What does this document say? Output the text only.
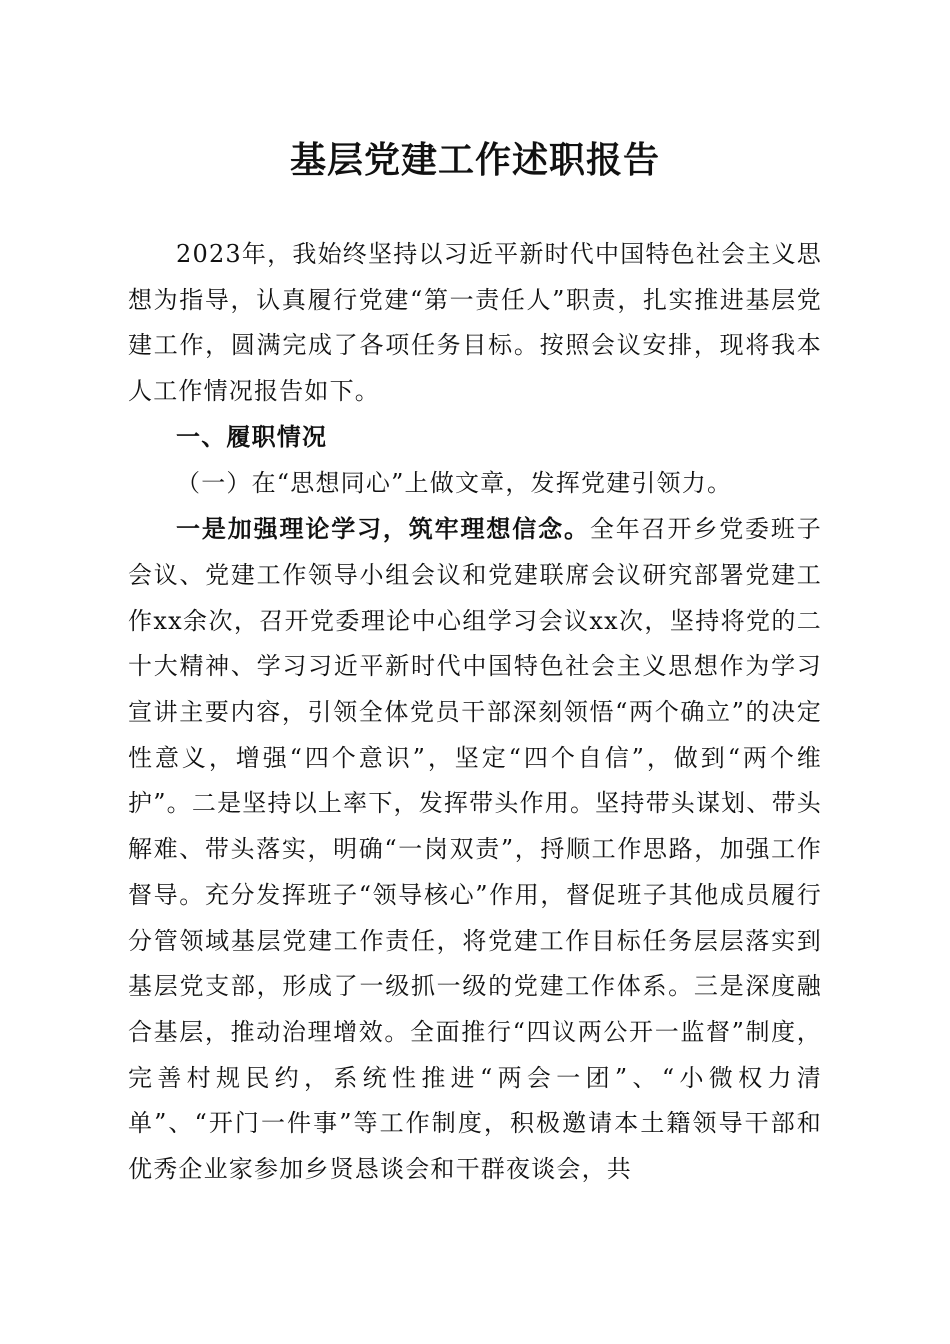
基层党建工作述职报告

2023年，我始终坚持以习近平新时代中国特色社会主义思想为指导，认真履行党建“第一责任人”职责，扎实推进基层党建工作，圆满完成了各项任务目标。按照会议安排，现将我本人工作情况报告如下。

一、履职情况

（一）在“思想同心”上做文章，发挥党建引领力。

一是加强理论学习，筑牢理想信念。全年召开乡党委班子会议、党建工作领导小组会议和党建联席会议研究部署党建工作xx余次，召开党委理论中心组学习会议xx次，坚持将党的二十大精神、学习习近平新时代中国特色社会主义思想作为学习宣讲主要内容，引领全体党员干部深刻领悟“两个确立”的决定性意义，增强“四个意识”，坚定“四个自信”，做到“两个维护”。二是坚持以上率下，发挥带头作用。坚持带头谋划、带头解难、带头落实，明确“一岗双责”，捋顺工作思路，加强工作督导。充分发挥班子“领导核心”作用，督促班子其他成员履行分管领域基层党建工作责任，将党建工作目标任务层层落实到基层党支部，形成了一级抓一级的党建工作体系。三是深度融合基层，推动治理增效。全面推行“四议两公开一监督”制度，完善村规民约，系统性推进“两会一团”、“小微权力清单”、“开门一件事”等工作制度，积极邀请本土籍领导干部和优秀企业家参加乡贤恳谈会和干群夜谈会，共
